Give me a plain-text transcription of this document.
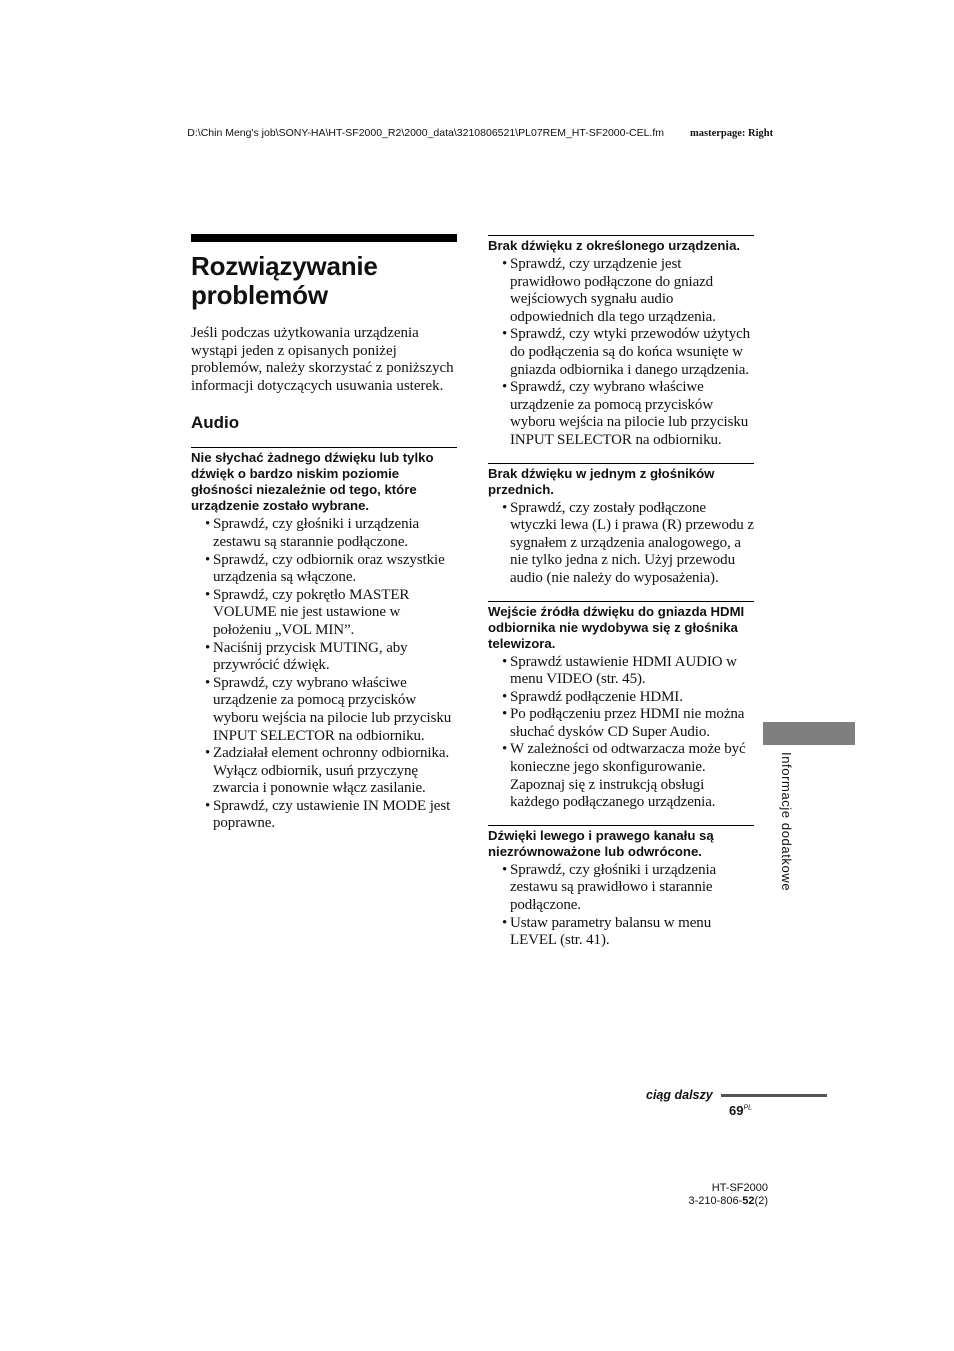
D:\Chin Meng's job\SONY-HA\HT-SF2000_R2\2000_data\3210806521\PL07REM_HT-SF2000-CEL.fm masterpage: Right
Rozwiązywanie problemów

Jeśli podczas użytkowania urządzenia wystąpi jeden z opisanych poniżej problemów, należy skorzystać z poniższych informacji dotyczących usuwania usterek.

Audio
Nie słychać żadnego dźwięku lub tylko dźwięk o bardzo niskim poziomie głośności niezależnie od tego, które urządzenie zostało wybrane.
• Sprawdź, czy głośniki i urządzenia zestawu są starannie podłączone.
• Sprawdź, czy odbiornik oraz wszystkie urządzenia są włączone.
• Sprawdź, czy pokrętło MASTER VOLUME nie jest ustawione w położeniu „VOL MIN”.
• Naciśnij przycisk MUTING, aby przywrócić dźwięk.
• Sprawdź, czy wybrano właściwe urządzenie za pomocą przycisków wyboru wejścia na pilocie lub przycisku INPUT SELECTOR na odbiorniku.
• Zadziałał element ochronny odbiornika. Wyłącz odbiornik, usuń przyczynę zwarcia i ponownie włącz zasilanie.
• Sprawdź, czy ustawienie IN MODE jest poprawne.
Brak dźwięku z określonego urządzenia.
• Sprawdź, czy urządzenie jest prawidłowo podłączone do gniazd wejściowych sygnału audio odpowiednich dla tego urządzenia.
• Sprawdź, czy wtyki przewodów użytych do podłączenia są do końca wsunięte w gniazda odbiornika i danego urządzenia.
• Sprawdź, czy wybrano właściwe urządzenie za pomocą przycisków wyboru wejścia na pilocie lub przycisku INPUT SELECTOR na odbiorniku.
Brak dźwięku w jednym z głośników przednich.
• Sprawdź, czy zostały podłączone wtyczki lewa (L) i prawa (R) przewodu z sygnałem z urządzenia analogowego, a nie tylko jedna z nich. Użyj przewodu audio (nie należy do wyposażenia).
Wejście źródła dźwięku do gniazda HDMI odbiornika nie wydobywa się z głośnika telewizora.
• Sprawdź ustawienie HDMI AUDIO w menu VIDEO (str. 45).
• Sprawdź podłączenie HDMI.
• Po podłączeniu przez HDMI nie można słuchać dysków CD Super Audio.
• W zależności od odtwarzacza może być konieczne jego skonfigurowanie. Zapoznaj się z instrukcją obsługi każdego podłączanego urządzenia.
Dźwięki lewego i prawego kanału są niezrównoważone lub odwrócone.
• Sprawdź, czy głośniki i urządzenia zestawu są prawidłowo i starannie podłączone.
• Ustaw parametry balansu w menu LEVEL (str. 41).
Informacje dodatkowe
ciąg dalszy
$69^{PL}$
HT-SF2000
3-210-806-52(2)
